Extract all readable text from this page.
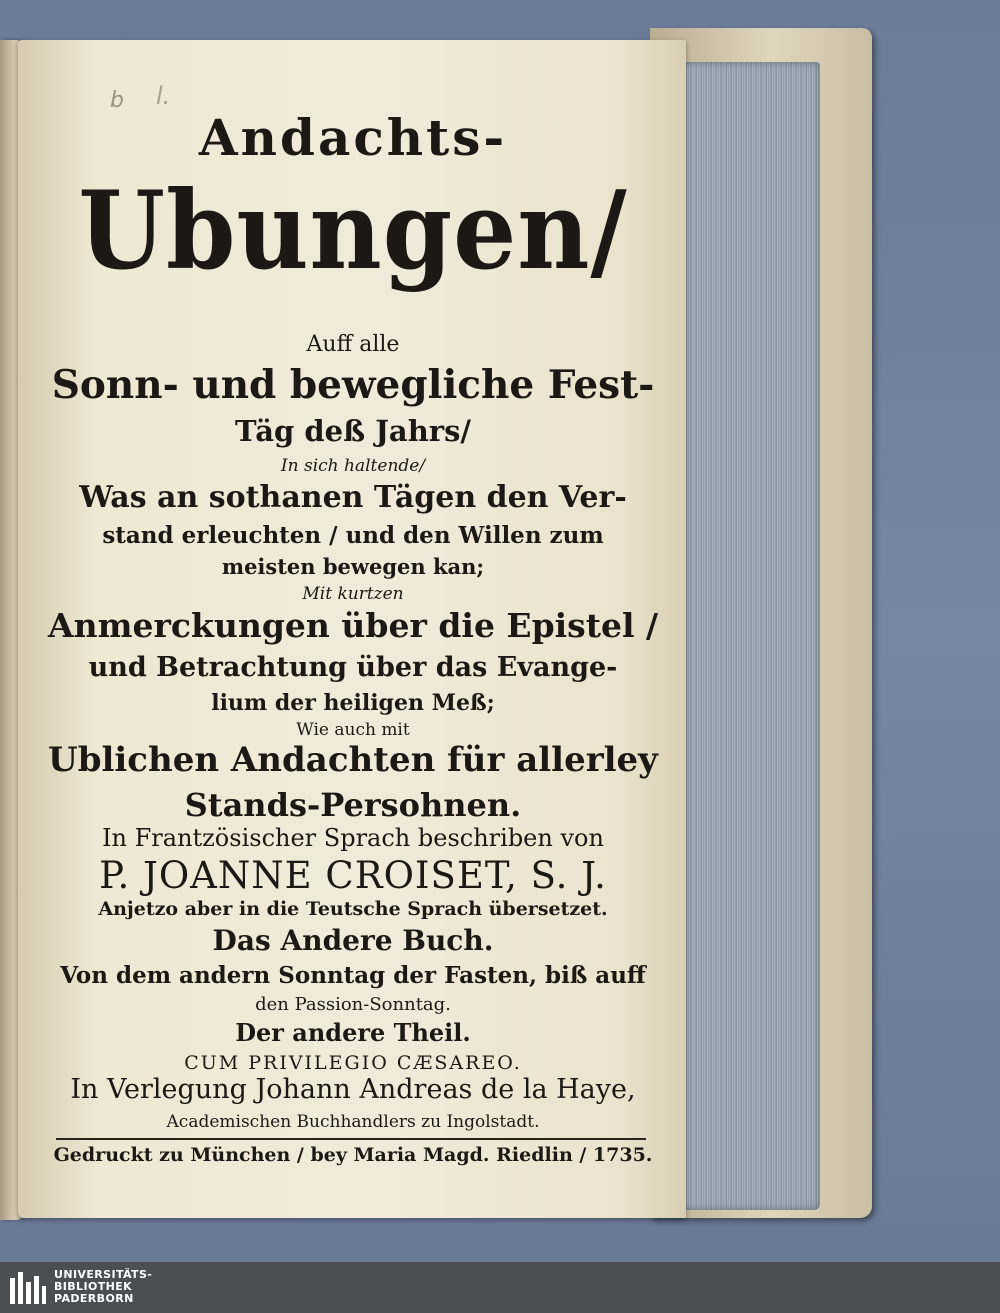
b l.
Andachts-
Ubungen/
Auff alle
Sonn- und bewegliche Fest-
Täg deß Jahrs/
In sich haltende/
Was an sothanen Tägen den Ver-
stand erleuchten / und den Willen zum
meisten bewegen kan;
Mit kurtzen
Anmerckungen über die Epistel /
und Betrachtung über das Evange-
lium der heiligen Meß;
Wie auch mit
Ublichen Andachten für allerley
Stands-Persohnen.
In Frantzösischer Sprach beschriben von
P. JOANNE CROISET, S. J.
Anjetzo aber in die Teutsche Sprach übersetzet.
Das Andere Buch.
Von dem andern Sonntag der Fasten, biß auff
den Passion-Sonntag.
Der andere Theil.
CUM PRIVILEGIO CÆSAREO.
In Verlegung Johann Andreas de la Haye,
Academischen Buchhandlers zu Ingolstadt.
Gedruckt zu München / bey Maria Magd. Riedlin / 1735.
UNIVERSITÄTS-
BIBLIOTHEK
PADERBORN
